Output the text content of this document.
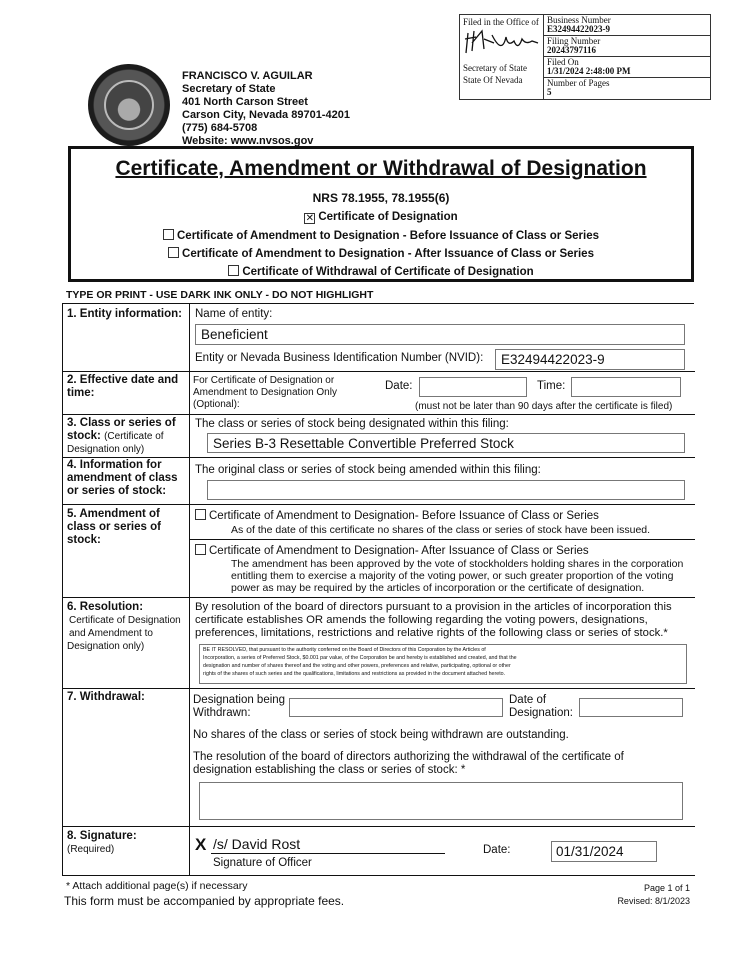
FRANCISCO V. AGUILAR
Secretary of State
401 North Carson Street
Carson City, Nevada 89701-4201
(775) 684-5708
Website: www.nvsos.gov
Filed in the Office of
Secretary of State
State Of Nevada
Business Number
E32494422023-9
Filing Number
20243797116
Filed On
1/31/2024 2:48:00 PM
Number of Pages
5
Certificate, Amendment or Withdrawal of Designation
NRS 78.1955, 78.1955(6)
✕ Certificate of Designation
Certificate of Amendment to Designation - Before Issuance of Class or Series
Certificate of Amendment to Designation - After Issuance of Class or Series
Certificate of Withdrawal of Certificate of Designation
TYPE OR PRINT - USE DARK INK ONLY - DO NOT HIGHLIGHT
1. Entity information:	Name of entity:
Beneficient
Entity or Nevada Business Identification Number (NVID): E32494422023-9
2. Effective date and time:
For Certificate of Designation or
Amendment to Designation Only
(Optional):
Date:	Time:
(must not be later than 90 days after the certificate is filed)
3. Class or series of stock: (Certificate of Designation only)
The class or series of stock being designated within this filing:
Series B-3 Resettable Convertible Preferred Stock
4. Information for amendment of class or series of stock:
The original class or series of stock being amended within this filing:
5. Amendment of class or series of stock:
Certificate of Amendment to Designation- Before Issuance of Class or Series
As of the date of this certificate no shares of the class or series of stock have been issued.
Certificate of Amendment to Designation- After Issuance of Class or Series
The amendment has been approved by the vote of stockholders holding shares in the corporation
entitling them to exercise a majority of the voting power, or such greater proportion of the voting
power as may be required by the articles of incorporation or the certificate of designation.
6. Resolution:
Certificate of Designation
and Amendment to
Designation only)
By resolution of the board of directors pursuant to a provision in the articles of incorporation this
certificate establishes OR amends the following regarding the voting powers, designations,
preferences, limitations, restrictions and relative rights of the following class or series of stock.*
BE IT RESOLVED, that pursuant to the authority conferred on the Board of Directors of this Corporation by the Articles of
Incorporation, a series of Preferred Stock, $0.001 par value, of the Corporation be and hereby is established and created, and that the
designation and number of shares thereof and the voting and other powers, preferences and relative, participating, optional or other
rights of the shares of such series and the qualifications, limitations and restrictions as provided in the document attached hereto.
7. Withdrawal:	Designation being
Withdrawn:
Date of
Designation:
No shares of the class or series of stock being withdrawn are outstanding.
The resolution of the board of directors authorizing the withdrawal of the certificate of
designation establishing the class or series of stock: *
8. Signature: (Required)	X /s/ David Rost
Signature of Officer
Date:	01/31/2024
* Attach additional page(s) if necessary
This form must be accompanied by appropriate fees.
Page 1 of 1
Revised: 8/1/2023
